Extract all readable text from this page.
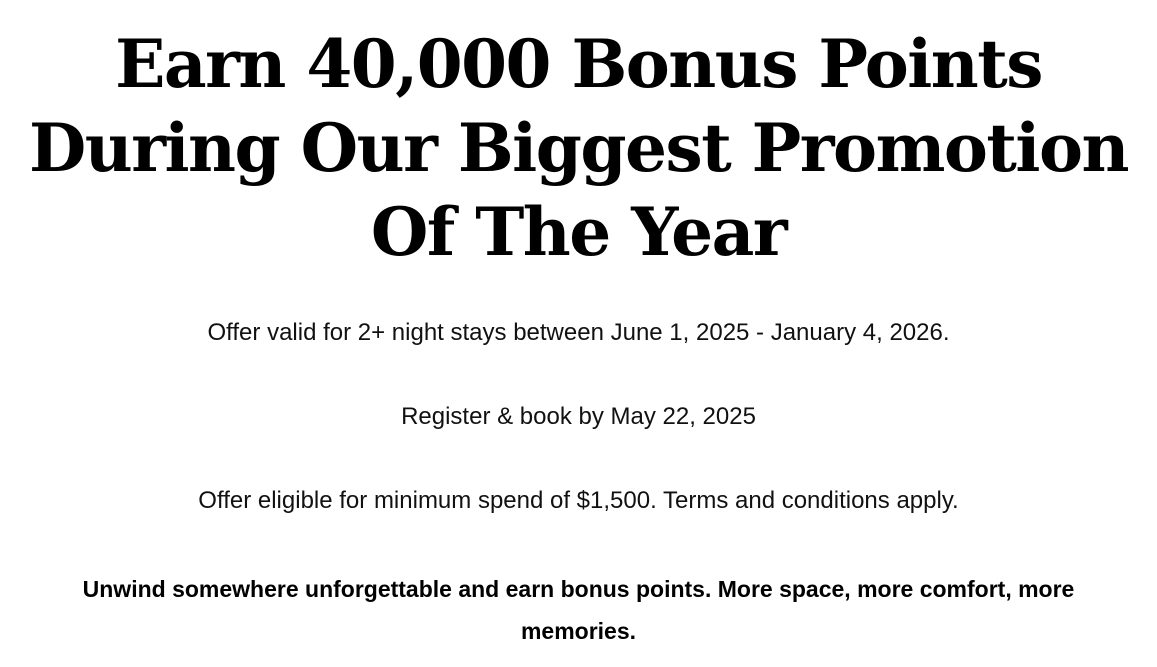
Earn 40,000 Bonus Points During Our Biggest Promotion Of The Year

Offer valid for 2+ night stays between June 1, 2025 - January 4, 2026.

Register & book by May 22, 2025

Offer eligible for minimum spend of $1,500. Terms and conditions apply.

Unwind somewhere unforgettable and earn bonus points. More space, more comfort, more memories.
